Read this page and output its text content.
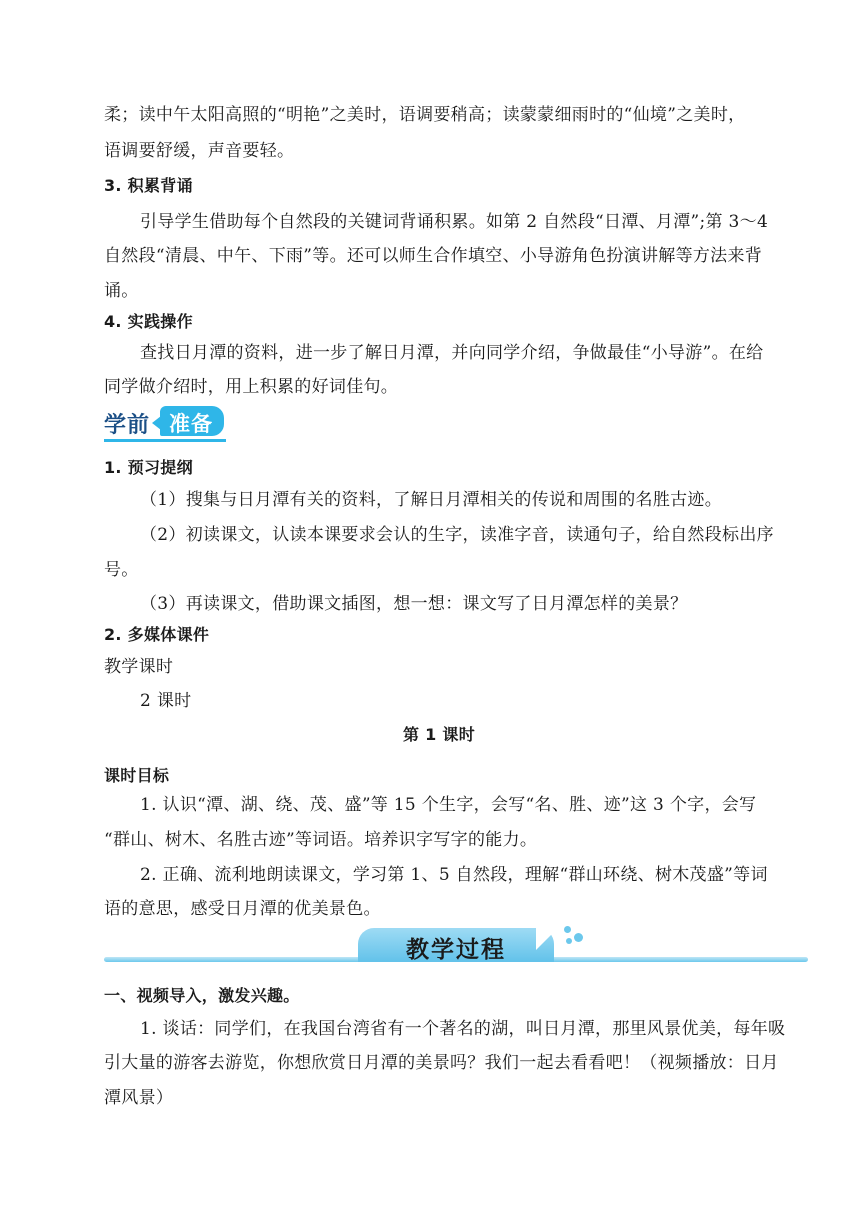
柔；读中午太阳高照的“明艳”之美时，语调要稍高；读蒙蒙细雨时的“仙境”之美时，
语调要舒缓，声音要轻。
3. 积累背诵
引导学生借助每个自然段的关键词背诵积累。如第 2 自然段“日潭、月潭”;第 3～4
自然段“清晨、中午、下雨”等。还可以师生合作填空、小导游角色扮演讲解等方法来背
诵。
4. 实践操作
查找日月潭的资料，进一步了解日月潭，并向同学介绍，争做最佳“小导游”。在给
同学做介绍时，用上积累的好词佳句。
学前 准备
1. 预习提纲
（1）搜集与日月潭有关的资料，了解日月潭相关的传说和周围的名胜古迹。
（2）初读课文，认读本课要求会认的生字，读准字音，读通句子，给自然段标出序
号。
（3）再读课文，借助课文插图，想一想：课文写了日月潭怎样的美景？
2. 多媒体课件
教学课时
2 课时
第 1 课时
课时目标
1. 认识“潭、湖、绕、茂、盛”等 15 个生字，会写“名、胜、迹”这 3 个字，会写
“群山、树木、名胜古迹”等词语。培养识字写字的能力。
2. 正确、流利地朗读课文，学习第 1、5 自然段，理解“群山环绕、树木茂盛”等词
语的意思，感受日月潭的优美景色。
教学过程
一、视频导入，激发兴趣。
1. 谈话：同学们，在我国台湾省有一个著名的湖，叫日月潭，那里风景优美，每年吸
引大量的游客去游览，你想欣赏日月潭的美景吗？我们一起去看看吧！（视频播放：日月
潭风景）
